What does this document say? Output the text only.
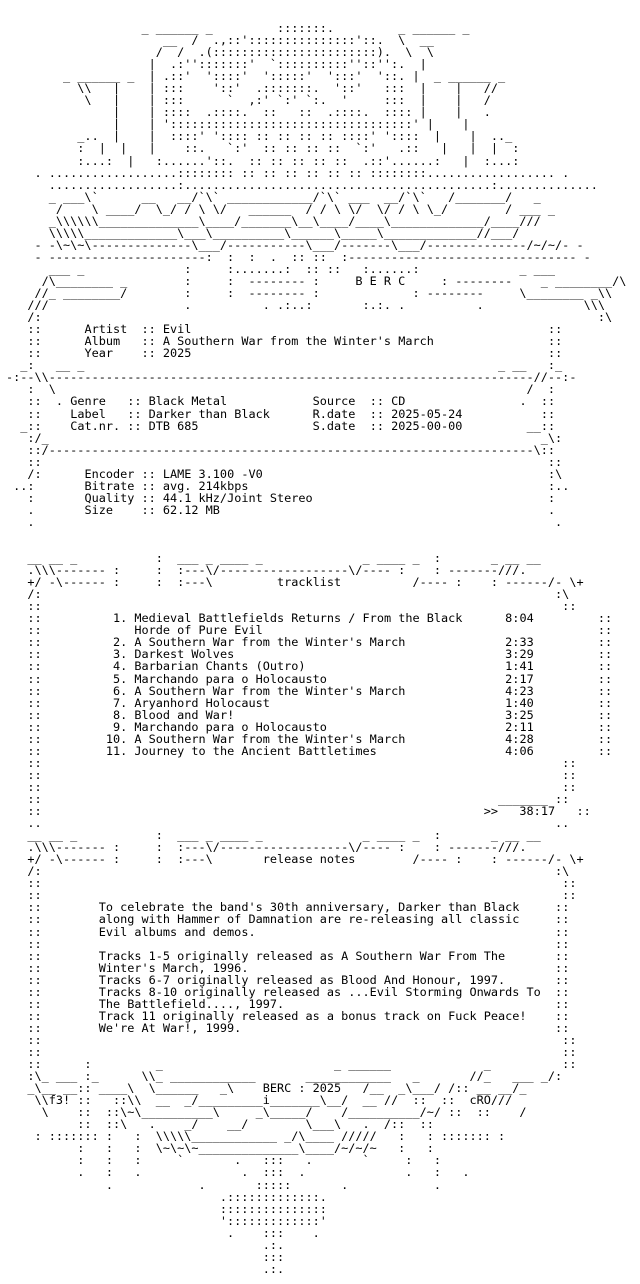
_ ______ _         :::::::.         _ ______ _
__  /  .,::':::::::::::::::'::.  \  __
/  /  .(:::::::::::::::::::::::).  \  \
|  .:'':::::::'  `::::::::::''::'':.  |
_ ______ _  | .::'  '::::'  ':::::'  ':::'  '::. |  _ ______ _
\\   |    | :::    '::'  .:::::::.  '::'   :::  |    |   //
\   |    | :::      `  ,:' `:' `:.  '     :::  |    |   /
|    | ::::  .::::.  ::   ::  .::::.  :::: |    |   .
|    | '::::::::::::::::::::::::::::::::::' |    |
_..  |    |  ::::' ':::: :: :: :: :: ::::' '::::  |    |  .._
:  |  |   |    ::.   `:'  :: :: :: ::  `:'   .::   |   |  |  :
:...:  |   :......'::.  :: :: :: :: ::  .::'......:   |  :...:
. ..................:::::::: :: :: :: :: :: :: ::::::::.................. .
..................:...........................................:..............
_ ___\`      __   __/`\` ____________/`\` ___  __/`\`   /_______/   _
/    \ ____/  \_/ / \ \/   ______  / / \ \/  \/ / \ \_/        / ___ _
_\\\\\\______________\____/_______\__\____/____\_____________/____///
\\\\\_____________\___\__________\______\_____\_____________//___/
- -\~\~\--------------\___/-----------\___/-------\___/--------------/~/~/- -
- ----------------------:  :  :  .  :: ::  :-------------------------------- -
___ _              :     :.......:  :: ::   :......:              _ ___
/\________ _        :     :  -------- :     B E R C     : --------    _ ________/\
//_ ________/        :     :  -------- :             : --------     \________ _\\
///                   .          . .:..:       :.:. .          .              \\\
/:                                                                              :\
::      Artist  :: Evil                                                  ::
::      Album   :: A Southern War from the Winter's March                ::
::      Year    :: 2025                                                  ::
_:   __ _                                                          _ __   :_
-:--\\--------------------------------------------------------------------//--:-
:  \                                                                  /  :
::  . Genre   :: Black Metal            Source  :: CD                .  ::
::    Label   :: Darker than Black      R.date  :: 2025-05-24           ::
_::    Cat.nr. :: DTB 685                S.date  :: 2025-00-00         __::
:/_                                                                     _\:
::/--------------------------------------------------------------------\::
::                                                                       ::
/:      Encoder :: LAME 3.100 -V0                                        :\
..:       Bitrate :: avg. 214kbps                                          :..
:       Quality :: 44.1 kHz/Joint Stereo                                 :
.       Size    :: 62.12 MB                                              .
.                                                                         .

__ __ _           :  ___ _ ____ _              _ ____ _  :       _ __ __
.\\\------- :     :  :---\/------------------\/---- :    : -------///.
+/ -\------ :     :  :---\         tracklist          /---- :    : ------/- \+
/:                                                                        :\
::                                                                         ::
::          1. Medieval Battlefields Returns / From the Black      8:04         ::
::	Horde of Pure Evil	::
::          2. A Southern War from the Winter's March              2:33         ::
::          3. Darkest Wolves                                      3:29         ::
::          4. Barbarian Chants (Outro)                            1:41         ::
::          5. Marchando para o Holocausto                         2:17         ::
::          6. A Southern War from the Winter's March              4:23         ::
::          7. Aryanhord Holocaust                                 1:40         ::
::          8. Blood and War!                                      3:25         ::
::          9. Marchando para o Holocausto                         2:11         ::
::         10. A Southern War from the Winter's March              4:28         ::
::         11. Journey to the Ancient Battletimes                  4:06         ::
::                                                                         ::
::                                                                         ::
::                                                                         ::
::                                                                _______ ::
::                                                              >>   38:17   ::
..                                                                        ..
__ __ _           :  ___ _ ____ _              _ ____ _  :       _ __ __
.\\\------- :     :  :---\/------------------\/---- :    : -------///.
+/ -\------ :     :  :---\       release notes        /---- :    : ------/- \+
/:                                                                        :\
::                                                                         ::
::                                                                         ::
::        To celebrate the band's 30th anniversary, Darker than Black     ::
::        along with Hammer of Damnation are re-releasing all classic     ::
::        Evil albums and demos.                                          ::
::	::
::        Tracks 1-5 originally released as A Southern War From The       ::
::        Winter's March, 1996.                                           ::
::        Tracks 6-7 originally released as Blood And Honour, 1997.       ::
::        Tracks 8-10 originally released as ...Evil Storming Onwards To  ::
::        The Battlefield...., 1997.                                      ::
::        Track 11 originally released as a bonus track on Fuck Peace!    ::
::        We're At War!, 1999.                                            ::
::                                                                         ::
::                                                                         ::
::      :         _                        _ ______             _          ::
:\_ ___ :_      \\_ ____________       ____________   _       //_   ___ _/:
_\__ __:: ____\  \______   _\    BERC : 2025   /__  _\___/ /:: __ __/_
\\f3! ::   ::\\  __  _/_________i_______\__/  __ //  ::  ::  cRO///
\    ::  ::\~\__________\     _\_____/    /__________/~/ ::  ::    /
::  ::\   .    _/    __/        \___\   .  /::  ::
: ::::::: :   :  \\\\\____________ _/\____ /////   :   : ::::::: :
:   :   :  \~\~\~______________\____/~/~/~   :   :
:   :   :     `       .   :::   .       `     :   :
.   :   .              .  :::  .              .   :   .
.            .       :::::       .            .
.:::::::::::::.
:::::::::::::::
':::::::::::::'
.    :::    .
.:.
:::
.:.
